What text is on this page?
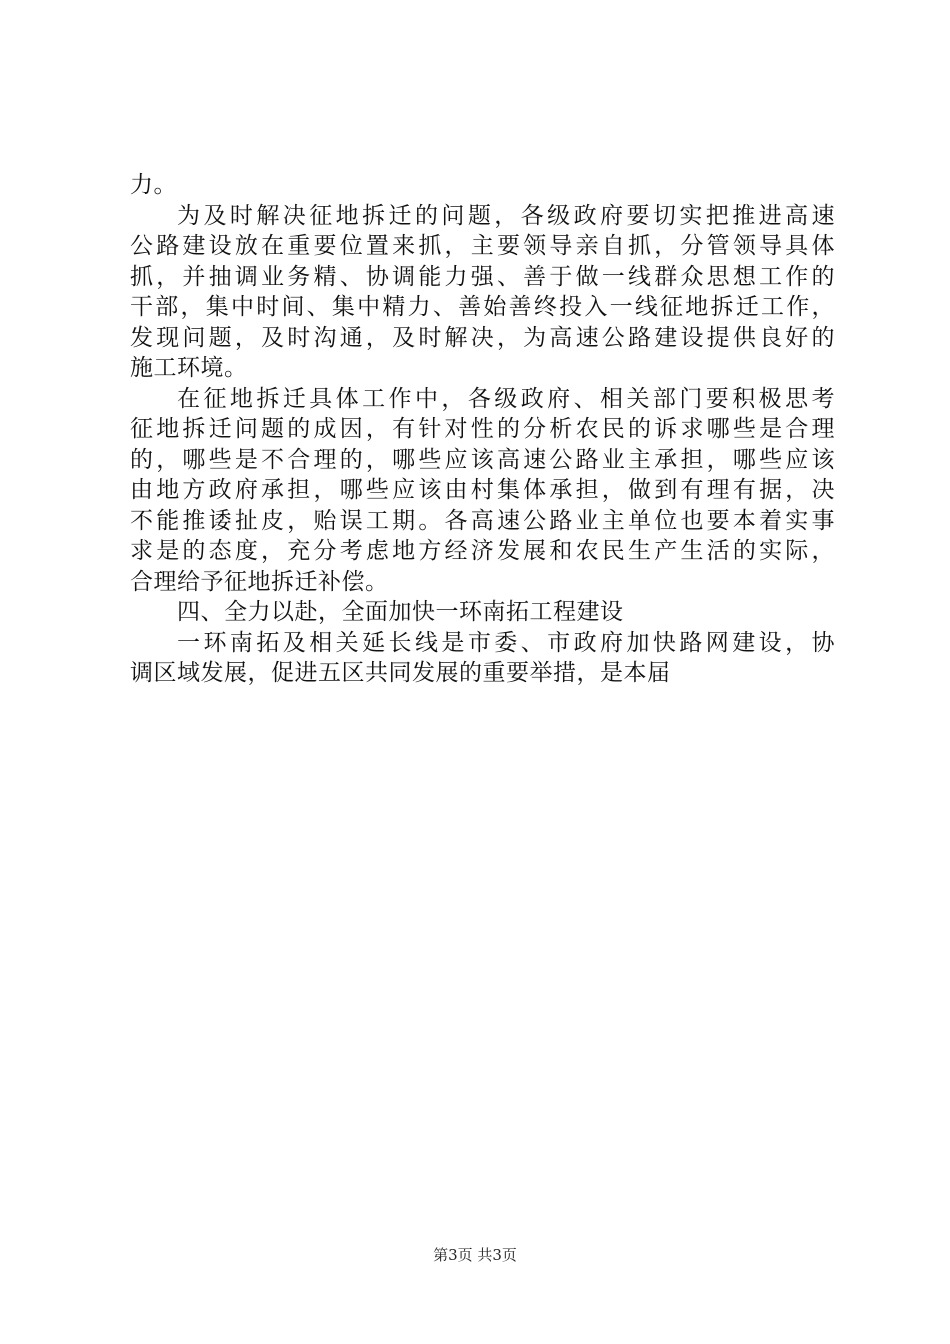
力。
为及时解决征地拆迁的问题，各级政府要切实把推进高速
公路建设放在重要位置来抓，主要领导亲自抓，分管领导具体
抓，并抽调业务精、协调能力强、善于做一线群众思想工作的
干部，集中时间、集中精力、善始善终投入一线征地拆迁工作，
发现问题，及时沟通，及时解决，为高速公路建设提供良好的
施工环境。
在征地拆迁具体工作中，各级政府、相关部门要积极思考
征地拆迁问题的成因，有针对性的分析农民的诉求哪些是合理
的，哪些是不合理的，哪些应该高速公路业主承担，哪些应该
由地方政府承担，哪些应该由村集体承担，做到有理有据，决
不能推诿扯皮，贻误工期。各高速公路业主单位也要本着实事
求是的态度，充分考虑地方经济发展和农民生产生活的实际，
合理给予征地拆迁补偿。
四、全力以赴，全面加快一环南拓工程建设
一环南拓及相关延长线是市委、市政府加快路网建设，协
调区域发展，促进五区共同发展的重要举措，是本届
第3页 共3页
